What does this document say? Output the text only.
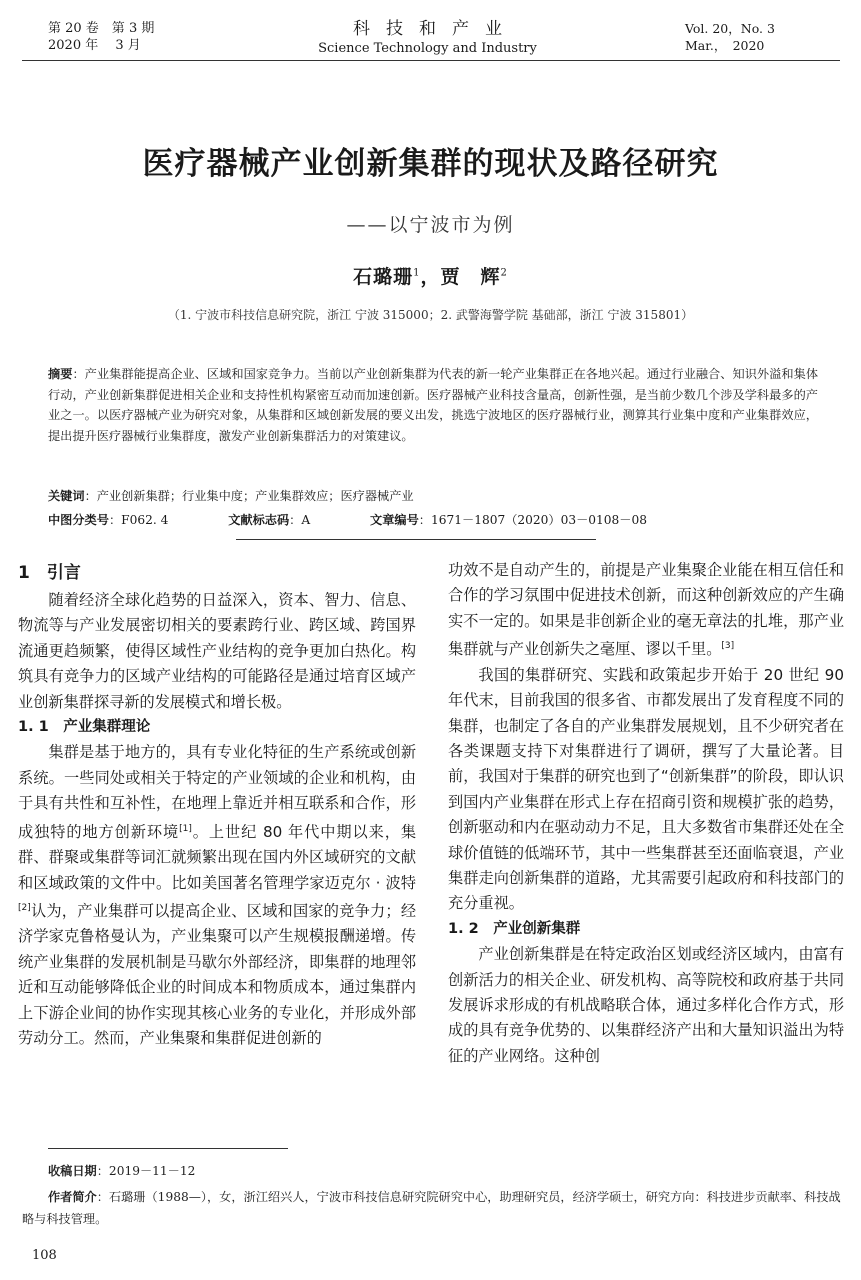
第 20 卷　第 3 期
2020 年　 3 月
科技和产业
Science Technology and Industry
Vol. 20，No. 3
Mar.，　2020
医疗器械产业创新集群的现状及路径研究
——以宁波市为例
石璐珊$^1$，贾　辉$^2$
（1. 宁波市科技信息研究院，浙江 宁波 315000；2. 武警海警学院 基础部，浙江 宁波 315801）
摘要：产业集群能提高企业、区域和国家竞争力。当前以产业创新集群为代表的新一轮产业集群正在各地兴起。通过行业融合、知识外溢和集体行动，产业创新集群促进相关企业和支持性机构紧密互动而加速创新。医疗器械产业科技含量高，创新性强，是当前少数几个涉及学科最多的产业之一。以医疗器械产业为研究对象，从集群和区域创新发展的要义出发，挑选宁波地区的医疗器械行业，测算其行业集中度和产业集群效应，提出提升医疗器械行业集群度，激发产业创新集群活力的对策建议。
关键词：产业创新集群；行业集中度；产业集群效应；医疗器械产业
中图分类号：F062. 4	文献标志码：A	文章编号：1671－1807（2020）03－0108－08
1　引言

随着经济全球化趋势的日益深入，资本、智力、信息、物流等与产业发展密切相关的要素跨行业、跨区域、跨国界流通更趋频繁，使得区域性产业结构的竞争更加白热化。构筑具有竞争力的区域产业结构的可能路径是通过培育区域产业创新集群探寻新的发展模式和增长极。

1. 1　产业集群理论

集群是基于地方的，具有专业化特征的生产系统或创新系统。一些同处或相关于特定的产业领域的企业和机构，由于具有共性和互补性，在地理上靠近并相互联系和合作，形成独特的地方创新环境[1]。上世纪 80 年代中期以来，集群、群聚或集群等词汇就频繁出现在国内外区域研究的文献和区域政策的文件中。比如美国著名管理学家迈克尔 · 波特[2]认为，产业集群可以提高企业、区域和国家的竞争力；经济学家克鲁格曼认为，产业集聚可以产生规模报酬递增。传统产业集群的发展机制是马歇尔外部经济，即集群的地理邻近和互动能够降低企业的时间成本和物质成本，通过集群内上下游企业间的协作实现其核心业务的专业化，并形成外部劳动分工。然而，产业集聚和集群促进创新的

功效不是自动产生的，前提是产业集聚企业能在相互信任和合作的学习氛围中促进技术创新，而这种创新效应的产生确实不一定的。如果是非创新企业的毫无章法的扎堆，那产业集群就与产业创新失之毫厘、谬以千里。[3]

我国的集群研究、实践和政策起步开始于 20 世纪 90 年代末，目前我国的很多省、市都发展出了发育程度不同的集群，也制定了各自的产业集群发展规划，且不少研究者在各类课题支持下对集群进行了调研，撰写了大量论著。目前，我国对于集群的研究也到了“创新集群”的阶段，即认识到国内产业集群在形式上存在招商引资和规模扩张的趋势，创新驱动和内在驱动动力不足，且大多数省市集群还处在全球价值链的低端环节，其中一些集群甚至还面临衰退，产业集群走向创新集群的道路，尤其需要引起政府和科技部门的充分重视。

1. 2　产业创新集群

产业创新集群是在特定政治区划或经济区域内，由富有创新活力的相关企业、研发机构、高等院校和政府基于共同发展诉求形成的有机战略联合体，通过多样化合作方式，形成的具有竞争优势的、以集群经济产出和大量知识溢出为特征的产业网络。这种创

收稿日期：2019－11－12
作者简介：石璐珊（1988—），女，浙江绍兴人，宁波市科技信息研究院研究中心，助理研究员，经济学硕士，研究方向：科技进步贡献率、科技战略与科技管理。
108
